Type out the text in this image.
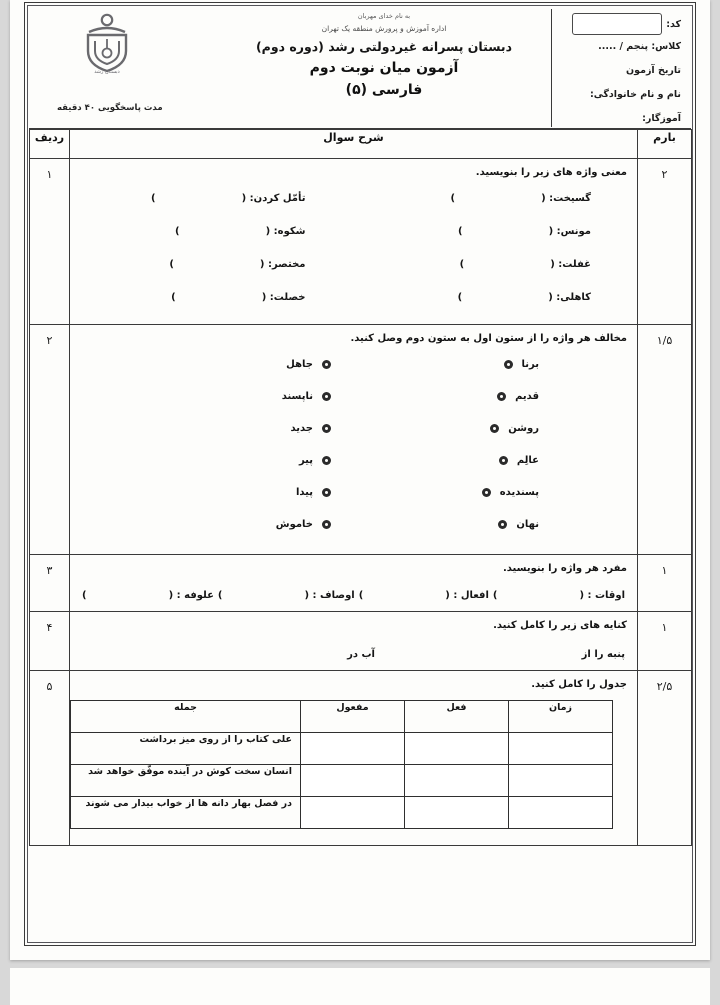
کد:
کلاس: پنجم / .....
تاریخ آزمون
نام و نام خانوادگی:
آموزگار:
به نام خدای مهربان
اداره آموزش و پرورش منطقه یک تهران
دبستان پسرانه غیردولتی رشد (دوره دوم)
آزمون میان نوبت دوم
فارسی (۵)
دبستان رشد
مدت پاسخگویی ۴۰ دقیقه
بارم	شرح سوال	ردیف
۲	
معنی واژه های زیر را بنویسید.
گسیخت: ()	تأمّل کردن: ()
مونس: ()	شکوه: ()
غفلت: ()	مختصر: ()
کاهلی: ()	خصلت: ()
	۱
۱/۵	
مخالف هر واژه را از ستون اول به ستون دوم وصل کنید.
برنا
قدیم
روشن
عالِم
پسندیده
نهان
جاهل
ناپسند
جدید
پیر
پیدا
خاموش
	۲
۱	
مفرد هر واژه را بنویسید.
اوقات : (
)
افعال : (
)
اوصاف : (
)
علوفه : (
)
	۳
۱	
کنایه های زیر را کامل کنید.
پنبه را از
آب در
	۴
۲/۵	
جدول را کامل کنید.
زمان	فعل	مفعول	جمله
			علی کتاب را از روی میز برداشت
			انسان سخت کوش در آینده موفّق خواهد شد
			در فصل بهار دانه ها از خواب بیدار می شوند
	۵
